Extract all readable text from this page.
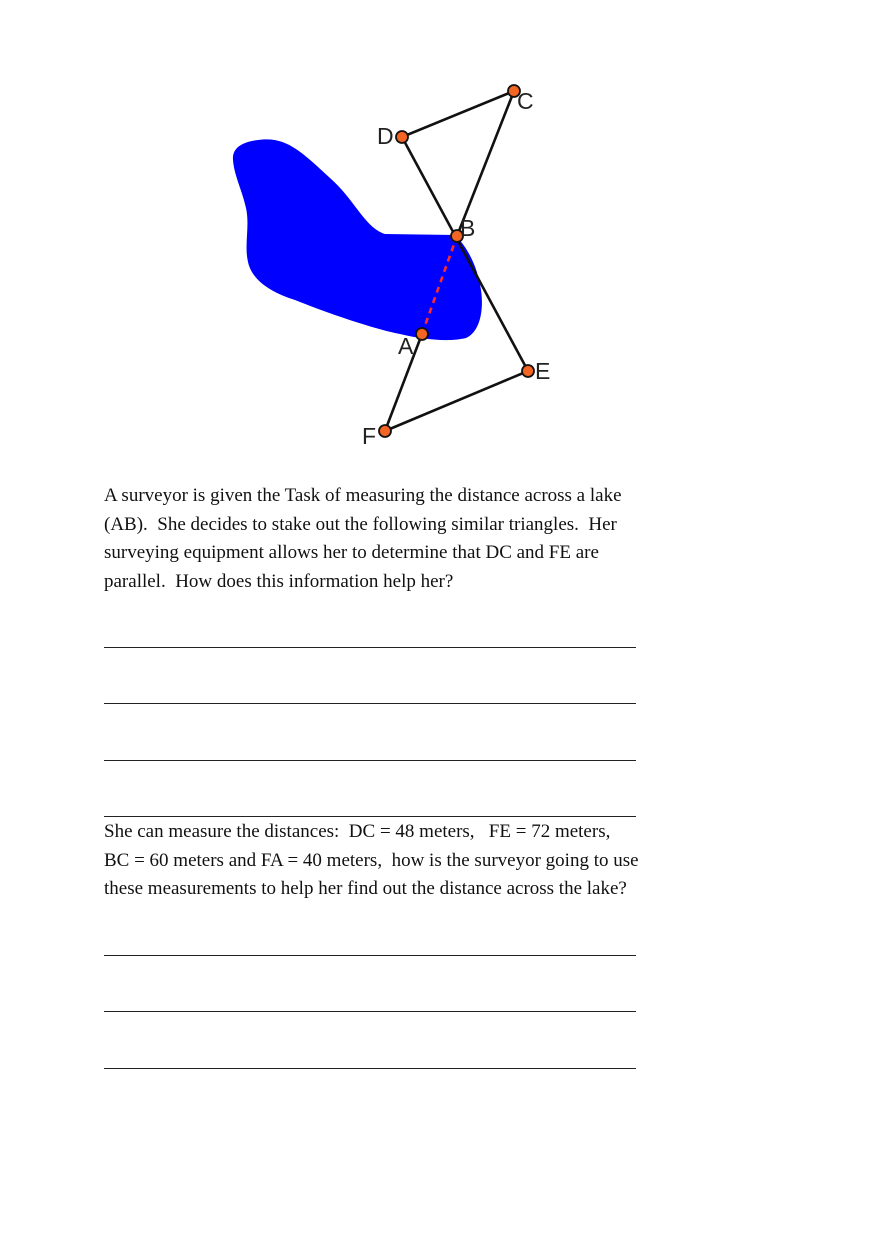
C
D
B
A
E
F
A surveyor is given the Task of measuring the distance across a lake
(AB).  She decides to stake out the following similar triangles.  Her
surveying equipment allows her to determine that DC and FE are
parallel.  How does this information help her?
She can measure the distances:  DC = 48 meters,   FE = 72 meters,
BC = 60 meters and FA = 40 meters,  how is the surveyor going to use
these measurements to help her find out the distance across the lake?
